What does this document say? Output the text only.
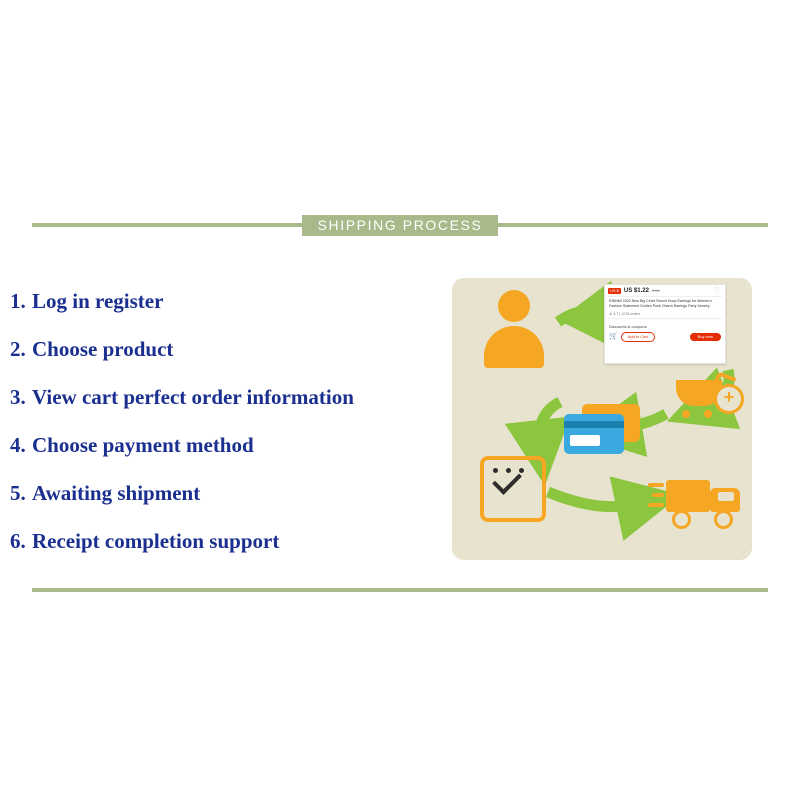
SHIPPING PROCESS
1. Log in register
2. Choose product
3. View cart perfect order information
4. Choose payment method
5. Awaiting shipment
6. Receipt completion support
US $ US $1.22 1.94	♡
RINNM/ 2020 New Big Circle Round Hoop Earrings for Women's Fashion Statement Golden Punk Charm Earrings Party Jewelry
★ 4.7 | 1278 orders
Discounts & coupons
🛒	Add to Cart	Buy now
+
